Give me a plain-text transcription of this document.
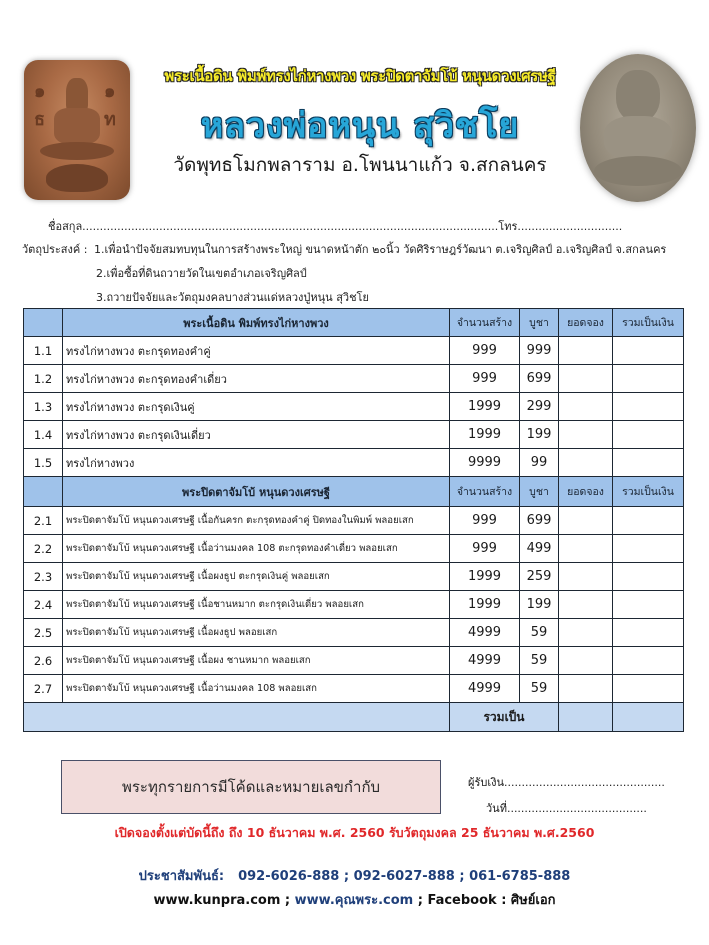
๑	๑
ธ	ท
พระเนื้อดิน พิมพ์ทรงไก่หางพวง พระปิดตาจัมโบ้ หนุนดวงเศรษฐี
หลวงพ่อหนุน สุวิชโย
วัดพุทธโมกพลาราม อ.โพนนาแก้ว จ.สกลนคร
ชื่อสกุล.......................................................................................................................โทร..............................
วัตถุประสงค์ : 1.เพื่อนำปัจจัยสมทบทุนในการสร้างพระใหญ่ ขนาดหน้าตัก ๒๐นิ้ว วัดศิริราษฎร์วัฒนา ต.เจริญศิลป์ อ.เจริญศิลป์ จ.สกลนคร
2.เพื่อซื้อที่ดินถวายวัดในเขตอำเภอเจริญศิลป์
3.ถวายปัจจัยและวัตถุมงคลบางส่วนแด่หลวงปู่หนุน สุวิชโย
	พระเนื้อดิน พิมพ์ทรงไก่หางพวง	จำนวนสร้าง	บูชา	ยอดจอง	รวมเป็นเงิน
1.1	ทรงไก่หางพวง ตะกรุดทองคำคู่	999	999		
1.2	ทรงไก่หางพวง ตะกรุดทองคำเดี่ยว	999	699		
1.3	ทรงไก่หางพวง ตะกรุดเงินคู่	1999	299		
1.4	ทรงไก่หางพวง ตะกรุดเงินเดี่ยว	1999	199		
1.5	ทรงไก่หางพวง	9999	99		
	พระปิดตาจัมโบ้ หนุนดวงเศรษฐี	จำนวนสร้าง	บูชา	ยอดจอง	รวมเป็นเงิน
2.1	พระปิดตาจัมโบ้ หนุนดวงเศรษฐี เนื้อกันครก ตะกรุดทองคำคู่ ปิดทองในพิมพ์ พลอยเสก	999	699		
2.2	พระปิดตาจัมโบ้ หนุนดวงเศรษฐี เนื้อว่านมงคล 108 ตะกรุดทองคำเดี่ยว พลอยเสก	999	499		
2.3	พระปิดตาจัมโบ้ หนุนดวงเศรษฐี เนื้อผงธูป ตะกรุดเงินคู่ พลอยเสก	1999	259		
2.4	พระปิดตาจัมโบ้ หนุนดวงเศรษฐี เนื้อชานหมาก ตะกรุดเงินเดี่ยว พลอยเสก	1999	199		
2.5	พระปิดตาจัมโบ้ หนุนดวงเศรษฐี เนื้อผงธูป พลอยเสก	4999	59		
2.6	พระปิดตาจัมโบ้ หนุนดวงเศรษฐี เนื้อผง ชานหมาก พลอยเสก	4999	59		
2.7	พระปิดตาจัมโบ้ หนุนดวงเศรษฐี เนื้อว่านมงคล 108 พลอยเสก	4999	59		
		รวมเป็น			
พระทุกรายการมีโค้ดและหมายเลขกำกับ	ผู้รับเงิน..............................................
วันที่........................................
เปิดจองตั้งแต่บัดนี้ถึง ถึง 10 ธันวาคม พ.ศ. 2560 รับวัตถุมงคล 25 ธันวาคม พ.ศ.2560
ประชาสัมพันธ์: 092-6026-888 ; 092-6027-888 ; 061-6785-888
www.kunpra.com ; www.คุณพระ.com ; Facebook : ศิษย์เอก
